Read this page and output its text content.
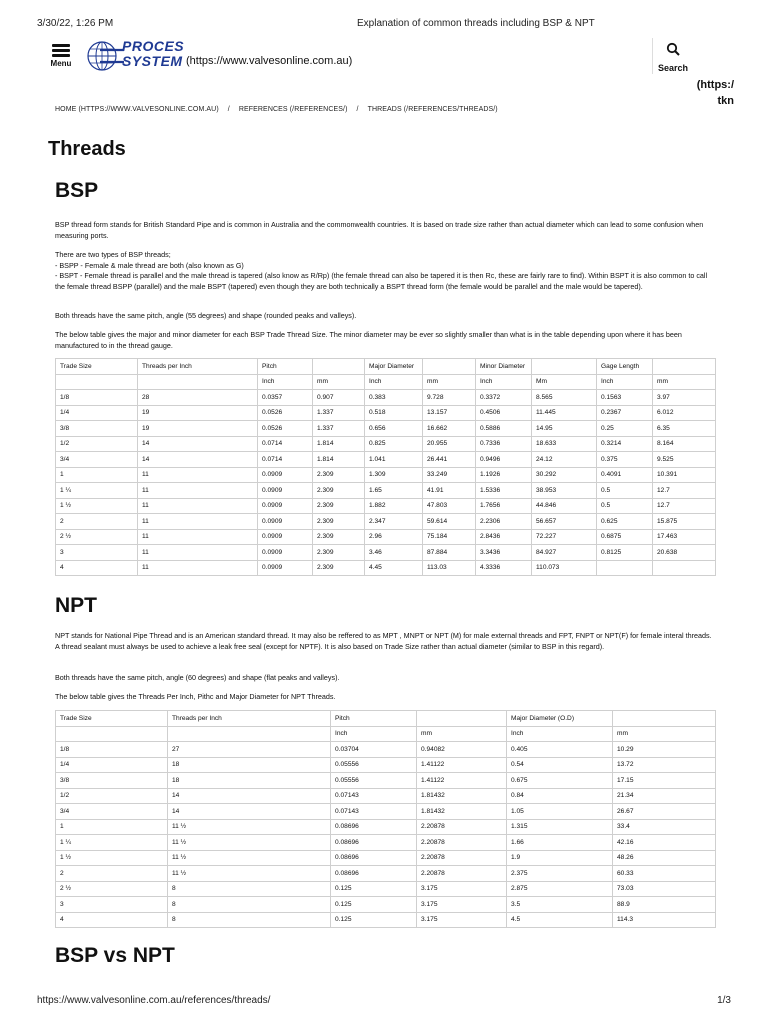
3/30/22, 1:26 PM	Explanation of common threads including BSP & NPT
Menu
PROCES
SYSTEM (https://www.valvesonline.com.au)
Search
(https:/
tkn
HOME (HTTPS://WWW.VALVESONLINE.COM.AU) / REFERENCES (/REFERENCES/) / THREADS (/REFERENCES/THREADS/)
Threads
BSP

BSP thread form stands for British Standard Pipe and is common in Australia and the commonwealth countries. It is based on trade size rather than actual diameter which can lead to some confusion when measuring ports.

There are two types of BSP threads;
- BSPP - Female & male thread are both (also known as G)
- BSPT - Female thread is parallel and the male thread is tapered (also know as R/Rp) (the female thread can also be tapered it is then Rc, these are fairly rare to find). Within BSPT it is also common to call the female thread BSPP (parallel) and the male BSPT (tapered) even though they are both technically a BSPT thread form (the female would be parallel and the male would be tapered).

Both threads have the same pitch, angle (55 degrees) and shape (rounded peaks and valleys).

The below table gives the major and minor diameter for each BSP Trade Thread Size. The minor diameter may be ever so slightly smaller than what is in the table depending upon where it has been manufactured to in the thread gauge.

Trade Size	Threads per Inch	Pitch		Major Diameter		Minor Diameter		Gage Length	
		Inch	mm	Inch	mm	Inch	Mm	Inch	mm
1/8	28	0.0357	0.907	0.383	9.728	0.3372	8.565	0.1563	3.97
1/4	19	0.0526	1.337	0.518	13.157	0.4506	11.445	0.2367	6.012
3/8	19	0.0526	1.337	0.656	16.662	0.5886	14.95	0.25	6.35
1/2	14	0.0714	1.814	0.825	20.955	0.7336	18.633	0.3214	8.164
3/4	14	0.0714	1.814	1.041	26.441	0.9496	24.12	0.375	9.525
1	11	0.0909	2.309	1.309	33.249	1.1926	30.292	0.4091	10.391
1 ¼	11	0.0909	2.309	1.65	41.91	1.5336	38.953	0.5	12.7
1 ½	11	0.0909	2.309	1.882	47.803	1.7656	44.846	0.5	12.7
2	11	0.0909	2.309	2.347	59.614	2.2306	56.657	0.625	15.875
2 ½	11	0.0909	2.309	2.96	75.184	2.8436	72.227	0.6875	17.463
3	11	0.0909	2.309	3.46	87.884	3.3436	84.927	0.8125	20.638
4	11	0.0909	2.309	4.45	113.03	4.3336	110.073		
NPT

NPT stands for National Pipe Thread and is an American standard thread. It may also be reffered to as MPT , MNPT or NPT (M) for male external threads and FPT, FNPT or NPT(F) for female interal threads. A thread sealant must always be used to achieve a leak free seal (except for NPTF). It is also based on Trade Size rather than actual diameter (similar to BSP in this regard).

Both threads have the same pitch, angle (60 degrees) and shape (flat peaks and valleys).

The below table gives the Threads Per Inch, Pithc and Major Diameter for NPT Threads.

Trade Size	Threads per Inch	Pitch		Major Diameter (O.D)	
		Inch	mm	Inch	mm
1/8	27	0.03704	0.94082	0.405	10.29
1/4	18	0.05556	1.41122	0.54	13.72
3/8	18	0.05556	1.41122	0.675	17.15
1/2	14	0.07143	1.81432	0.84	21.34
3/4	14	0.07143	1.81432	1.05	26.67
1	11 ½	0.08696	2.20878	1.315	33.4
1 ¼	11 ½	0.08696	2.20878	1.66	42.16
1 ½	11 ½	0.08696	2.20878	1.9	48.26
2	11 ½	0.08696	2.20878	2.375	60.33
2 ½	8	0.125	3.175	2.875	73.03
3	8	0.125	3.175	3.5	88.9
4	8	0.125	3.175	4.5	114.3
BSP vs NPT
https://www.valvesonline.com.au/references/threads/	1/3
